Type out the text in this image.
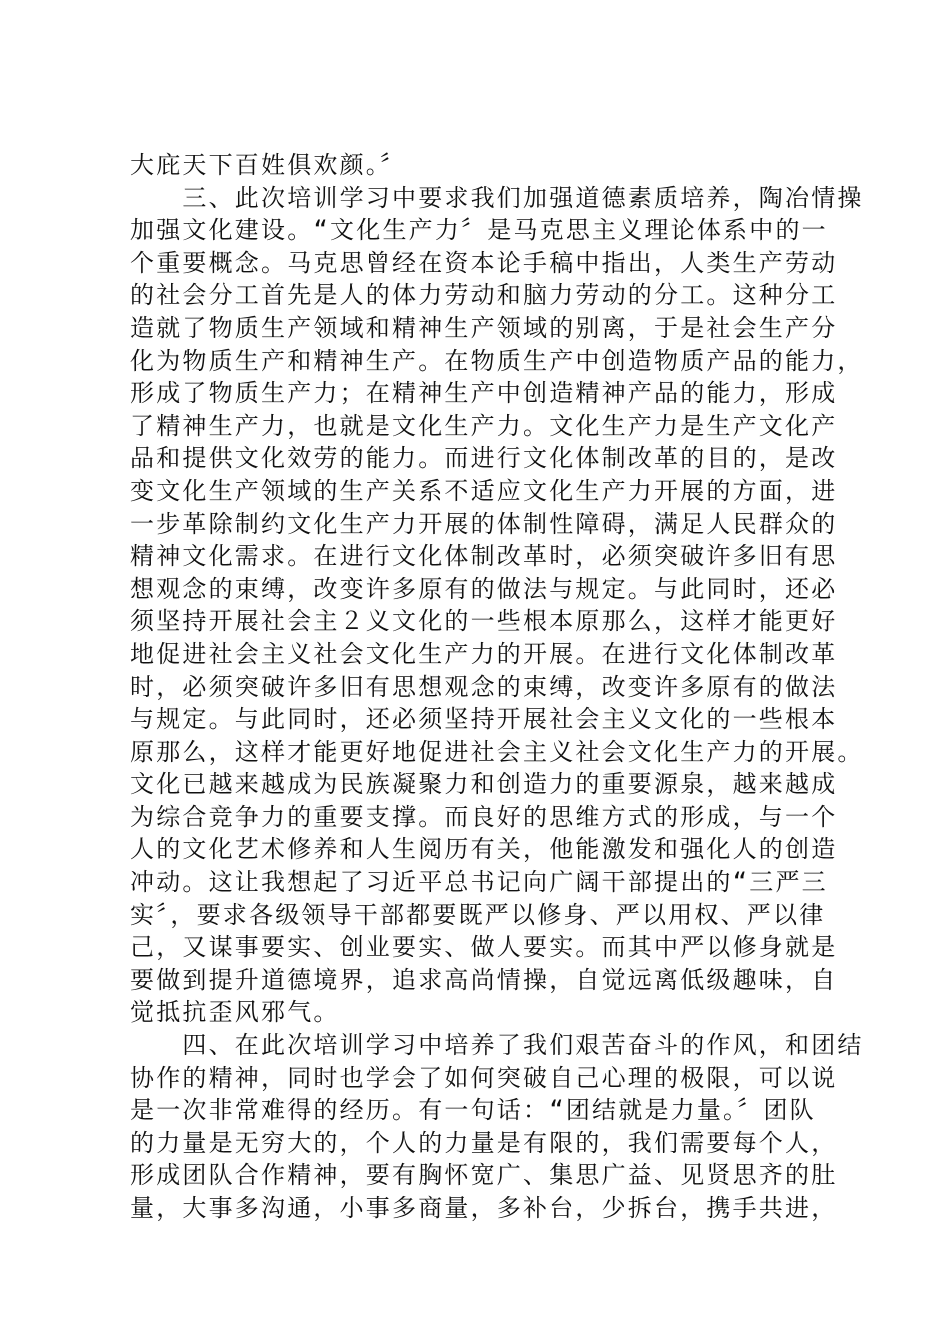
大庇天下百姓俱欢颜。〞
　　三、此次培训学习中要求我们加强道德素质培养，陶冶情操
加强文化建设。“文化生产力〞是马克思主义理论体系中的一
个重要概念。马克思曾经在资本论手稿中指出，人类生产劳动
的社会分工首先是人的体力劳动和脑力劳动的分工。这种分工
造就了物质生产领域和精神生产领域的别离，于是社会生产分
化为物质生产和精神生产。在物质生产中创造物质产品的能力，
形成了物质生产力；在精神生产中创造精神产品的能力，形成
了精神生产力，也就是文化生产力。文化生产力是生产文化产
品和提供文化效劳的能力。而进行文化体制改革的目的，是改
变文化生产领域的生产关系不适应文化生产力开展的方面，进
一步革除制约文化生产力开展的体制性障碍，满足人民群众的
精神文化需求。在进行文化体制改革时，必须突破许多旧有思
想观念的束缚，改变许多原有的做法与规定。与此同时，还必
须坚持开展社会主２义文化的一些根本原那么，这样才能更好
地促进社会主义社会文化生产力的开展。在进行文化体制改革
时，必须突破许多旧有思想观念的束缚，改变许多原有的做法
与规定。与此同时，还必须坚持开展社会主义文化的一些根本
原那么，这样才能更好地促进社会主义社会文化生产力的开展。
文化已越来越成为民族凝聚力和创造力的重要源泉，越来越成
为综合竞争力的重要支撑。而良好的思维方式的形成，与一个
人的文化艺术修养和人生阅历有关，他能激发和强化人的创造
冲动。这让我想起了习近平总书记向广阔干部提出的“三严三
实〞，要求各级领导干部都要既严以修身、严以用权、严以律
己，又谋事要实、创业要实、做人要实。而其中严以修身就是
要做到提升道德境界，追求高尚情操，自觉远离低级趣味，自
觉抵抗歪风邪气。
　　四、在此次培训学习中培养了我们艰苦奋斗的作风，和团结
协作的精神，同时也学会了如何突破自己心理的极限，可以说
是一次非常难得的经历。有一句话：“团结就是力量。〞团队
的力量是无穷大的，个人的力量是有限的，我们需要每个人，
形成团队合作精神，要有胸怀宽广、集思广益、见贤思齐的肚
量，大事多沟通，小事多商量，多补台，少拆台，携手共进，
